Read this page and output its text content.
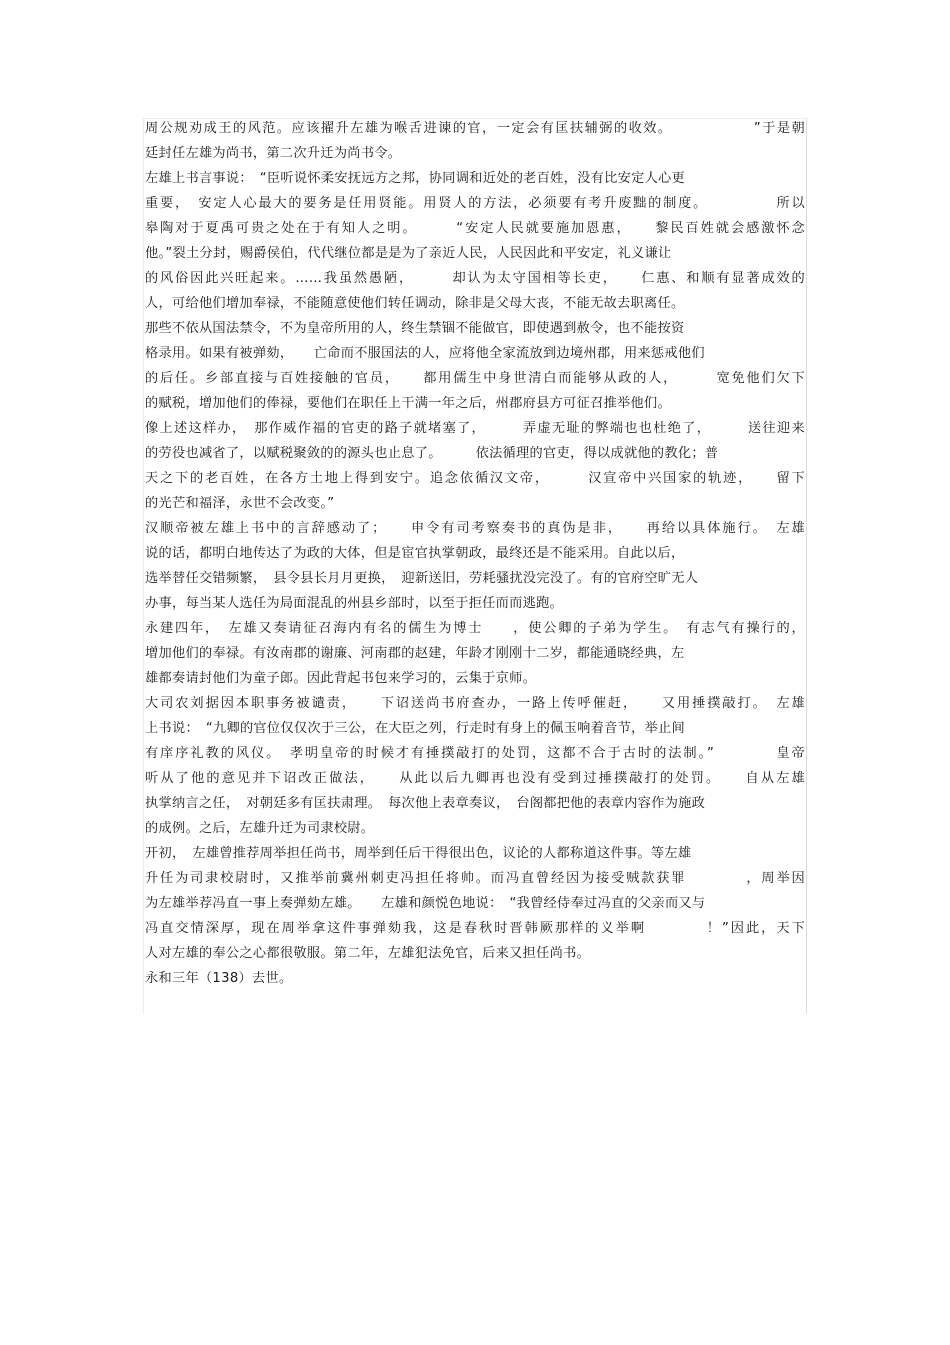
周公规劝成王的风范。应该擢升左雄为喉舌进谏的官，一定会有匡扶辅弼的收效。　　　　　　”于是朝
廷封任左雄为尚书，第二次升迁为尚书令。
左雄上书言事说：　“臣听说怀柔安抚远方之邦，协同调和近处的老百姓，没有比安定人心更
重要，　安定人心最大的要务是任用贤能。用贤人的方法，必须要有考升废黜的制度。　　　　　所以
皋陶对于夏禹可贵之处在于有知人之明。　　　“安定人民就要施加恩惠，　　黎民百姓就会感激怀念
他。”裂土分封，赐爵侯伯，代代继位都是是为了亲近人民，人民因此和平安定，礼义谦让
的风俗因此兴旺起来。……我虽然愚陋，　　　却认为太守国相等长吏，　　仁惠、和顺有显著成效的
人，可给他们增加奉禄，不能随意使他们转任调动，除非是父母大丧，不能无故去职离任。
那些不依从国法禁令，不为皇帝所用的人，终生禁锢不能做官，即使遇到赦令，也不能按资
格录用。如果有被弹劾，　　亡命而不服国法的人，应将他全家流放到边境州郡，用来惩戒他们
的后任。乡部直接与百姓接触的官员，　　都用儒生中身世清白而能够从政的人，　　　宽免他们欠下
的赋税，增加他们的俸禄，要他们在职任上干满一年之后，州郡府县方可征召推举他们。
像上述这样办，　那作威作福的官吏的路子就堵塞了，　　　弄虚无耻的弊端也也杜绝了，　　　送往迎来
的劳役也减省了，以赋税聚敛的的源头也止息了。　　　依法循理的官吏，得以成就他的教化；普
天之下的老百姓，在各方土地上得到安宁。追念依循汉文帝，　　　汉宣帝中兴国家的轨迹，　　留下
的光芒和福泽，永世不会改变。”
汉顺帝被左雄上书中的言辞感动了；　　申令有司考察奏书的真伪是非，　　再给以具体施行。　左雄
说的话，都明白地传达了为政的大体，但是宦官执掌朝政，最终还是不能采用。自此以后，
选举替任交错频繁，　县令县长月月更换，　迎新送旧，劳耗骚扰没完没了。有的官府空旷无人
办事，每当某人选任为局面混乱的州县乡部时，以至于拒任而而逃跑。
永建四年，　左雄又奏请征召海内有名的儒生为博士　　，使公卿的子弟为学生。　有志气有操行的，
增加他们的奉禄。有汝南郡的谢廉、河南郡的赵建，年龄才刚刚十二岁，都能通晓经典，左
雄都奏请封他们为童子郎。因此背起书包来学习的，云集于京师。
大司农刘据因本职事务被谴责，　　下诏送尚书府查办，一路上传呼催赶，　　又用捶撲敲打。　左雄
上书说：　“九卿的官位仅仅次于三公，在大臣之列，行走时有身上的佩玉响着音节，举止间
有庠序礼教的风仪。　孝明皇帝的时候才有捶撲敲打的处罚，这都不合于古时的法制。”　　　　皇帝
听从了他的意见并下诏改正做法，　　从此以后九卿再也没有受到过捶撲敲打的处罚。　　自从左雄
执掌纳言之任，　对朝廷多有匡扶肃理。　每次他上表章奏议，　台阁都把他的表章内容作为施政
的成例。之后，左雄升迁为司隶校尉。
开初，　左雄曾推荐周举担任尚书，周举到任后干得很出色，议论的人都称道这件事。等左雄
升任为司隶校尉时，又推举前冀州刺吏冯担任将帅。而冯直曾经因为接受贼款获罪　　　　，周举因
为左雄举荐冯直一事上奏弹劾左雄。　　左雄和颜悦色地说：　“我曾经侍奉过冯直的父亲而又与
冯直交情深厚，现在周举拿这件事弹劾我，这是春秋时晋韩厥那样的义举啊　　　　！”因此，天下
人对左雄的奉公之心都很敬服。第二年，左雄犯法免官，后来又担任尚书。
永和三年（138）去世。
